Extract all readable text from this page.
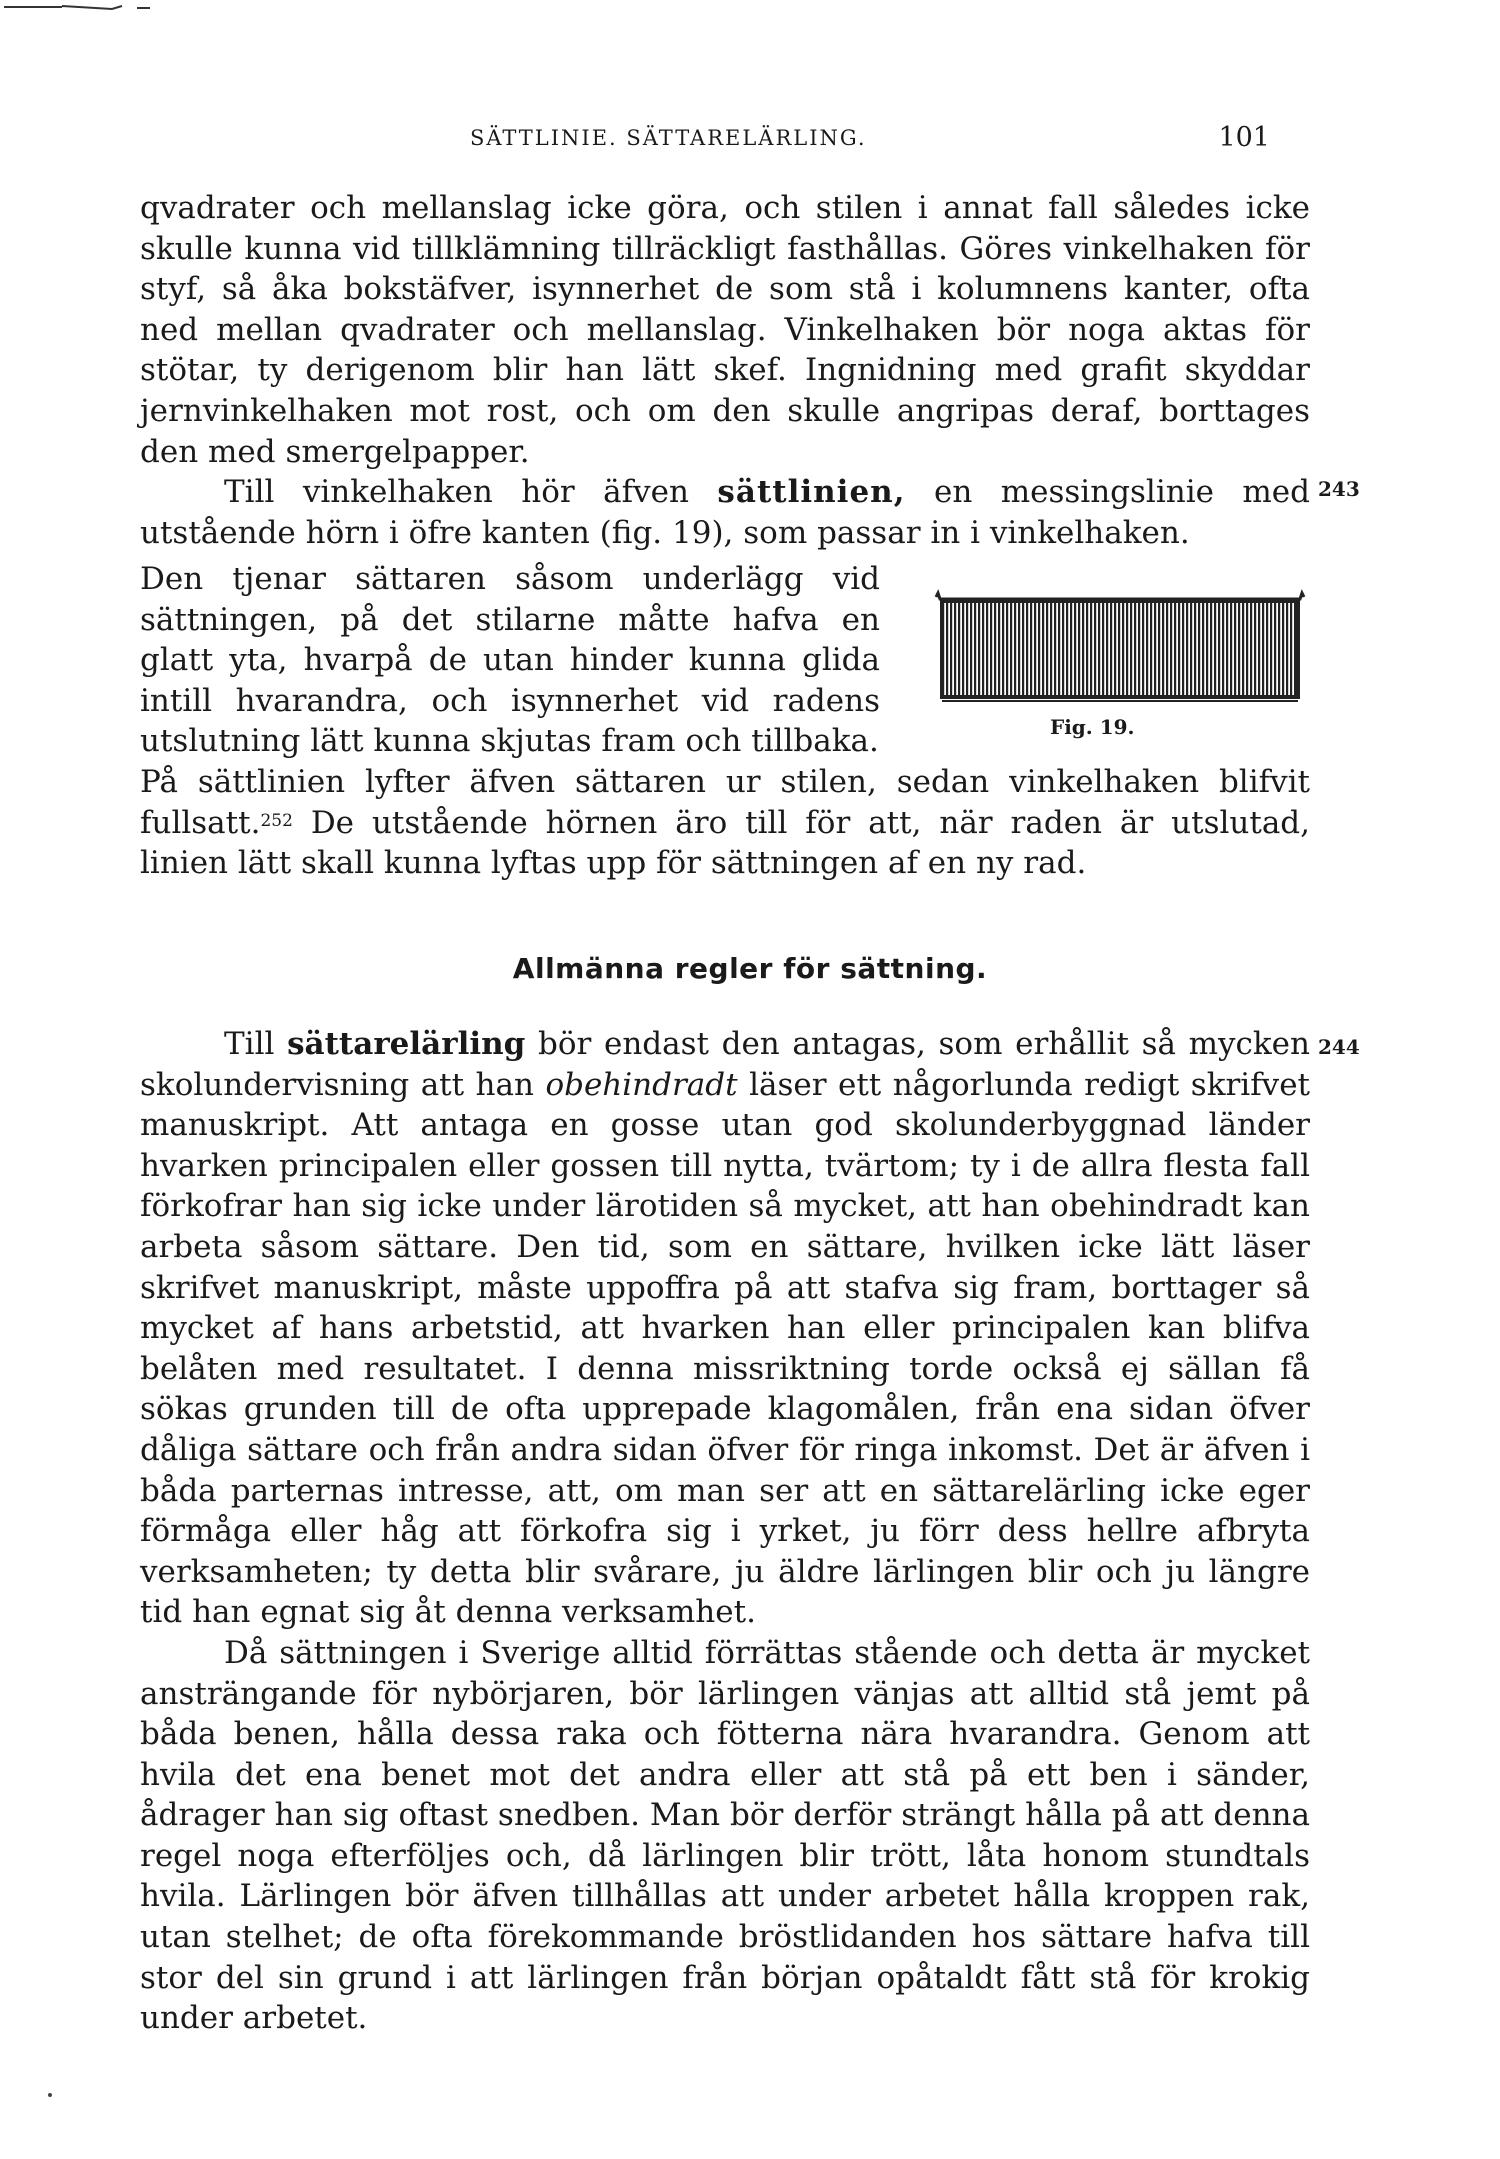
SÄTTLINIE. SÄTTARELÄRLING.	101

qvadrater och mellanslag icke göra, och stilen i annat fall således icke skulle kunna vid tillklämning tillräckligt fasthållas. Göres vinkelhaken för styf, så åka bokstäfver, isynnerhet de som stå i kolumnens kanter, ofta ned mellan qvadrater och mellanslag. Vinkelhaken bör noga aktas för stötar, ty derigenom blir han lätt skef. Ingnidning med grafit skyddar jernvinkelhaken mot rost, och om den skulle angripas deraf, borttages den med smergelpapper.

Till vinkelhaken hör äfven sättlinien, en messingslinie med utstående hörn i öfre kanten (fig. 19), som passar in i vinkelhaken.

243

Den tjenar sättaren såsom underlägg vid sättningen, på det stilarne måtte hafva en glatt yta, hvarpå de utan hinder kunna glida intill hvarandra, och isynnerhet vid radens utslutning lätt kunna skjutas fram och tillbaka.	Fig. 19.

På sättlinien lyfter äfven sättaren ur stilen, sedan vinkelhaken blifvit fullsatt.$^{252}$ De utstående hörnen äro till för att, när raden är utslutad, linien lätt skall kunna lyftas upp för sättningen af en ny rad.

Allmänna regler för sättning.

Till sättarelärling bör endast den antagas, som erhållit så mycken skolundervisning att han obehindradt läser ett någorlunda redigt skrifvet manuskript. Att antaga en gosse utan god skolunderbyggnad länder hvarken principalen eller gossen till nytta, tvärtom; ty i de allra flesta fall förkofrar han sig icke under lärotiden så mycket, att han obehindradt kan arbeta såsom sättare. Den tid, som en sättare, hvilken icke lätt läser skrifvet manuskript, måste uppoffra på att stafva sig fram, borttager så mycket af hans arbetstid, att hvarken han eller principalen kan blifva belåten med resultatet. I denna missriktning torde också ej sällan få sökas grunden till de ofta upprepade klagomålen, från ena sidan öfver dåliga sättare och från andra sidan öfver för ringa inkomst. Det är äfven i båda parternas intresse, att, om man ser att en sättarelärling icke eger förmåga eller håg att förkofra sig i yrket, ju förr dess hellre afbryta verksamheten; ty detta blir svårare, ju äldre lärlingen blir och ju längre tid han egnat sig åt denna verksamhet.

Då sättningen i Sverige alltid förrättas stående och detta är mycket ansträngande för nybörjaren, bör lärlingen vänjas att alltid stå jemt på båda benen, hålla dessa raka och fötterna nära hvarandra. Genom att hvila det ena benet mot det andra eller att stå på ett ben i sänder, ådrager han sig oftast snedben. Man bör derför strängt hålla på att denna regel noga efterföljes och, då lärlingen blir trött, låta honom stundtals hvila. Lärlingen bör äfven tillhållas att under arbetet hålla kroppen rak, utan stelhet; de ofta förekommande bröstlidanden hos sättare hafva till stor del sin grund i att lärlingen från början opåtaldt fått stå för krokig under arbetet.

244
